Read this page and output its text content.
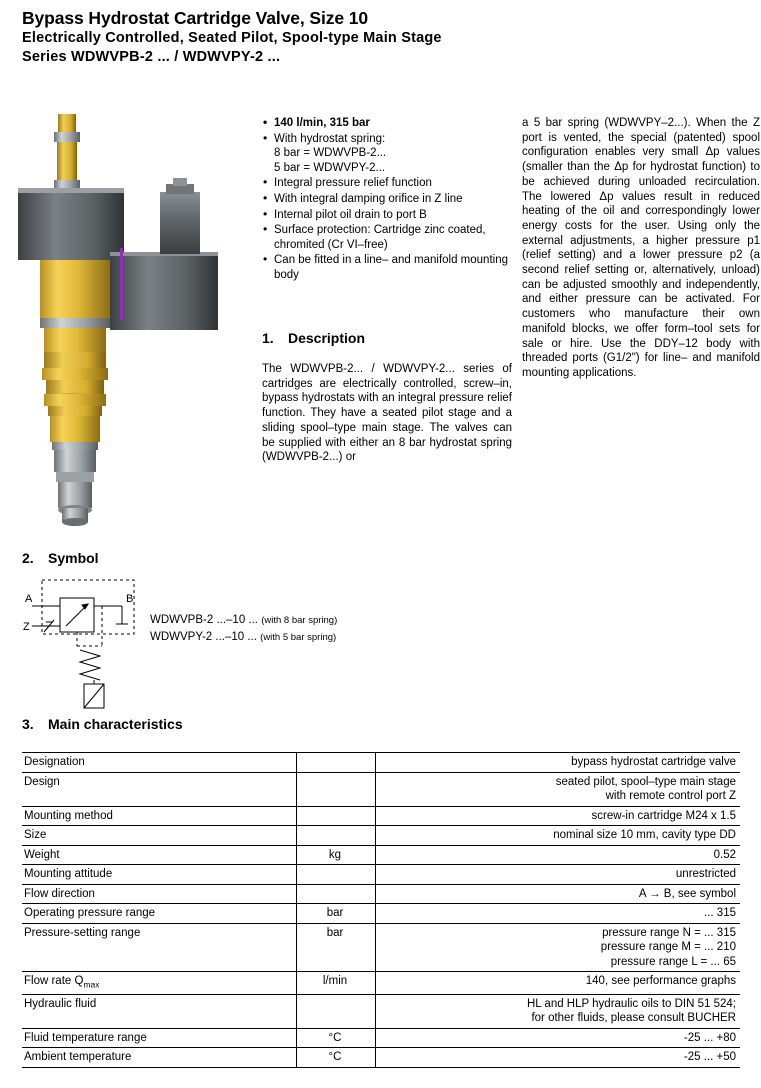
Bypass Hydrostat Cartridge Valve, Size 10
Electrically Controlled, Seated Pilot, Spool-type Main Stage
Series WDWVPB-2 ... / WDWVPY-2 ...
• 140 l/min, 315 bar
• With hydrostat spring:
8 bar = WDWVPB-2...
5 bar = WDWVPY-2...
• Integral pressure relief function
• With integral damping orifice in Z line
• Internal pilot oil drain to port B
• Surface protection: Cartridge zinc coated, chromited (Cr VI–free)
• Can be fitted in a line– and manifold mounting body
1. Description
The WDWVPB-2... / WDWVPY-2... series of cartridges are electrically controlled, screw–in, bypass hydrostats with an integral pressure relief function. They have a seated pilot stage and a sliding spool–type main stage. The valves can be supplied with either an 8 bar hydrostat spring (WDWVPB-2...) or
a 5 bar spring (WDWVPY–2...). When the Z port is vented, the special (patented) spool configuration enables very small Δp values (smaller than the Δp for hydrostat function) to be achieved during unloaded recirculation. The lowered Δp values result in reduced heating of the oil and correspondingly lower energy costs for the user. Using only the external adjustments, a higher pressure p1 (relief setting) and a lower pressure p2 (a second relief setting or, alternatively, unload) can be adjusted smoothly and independently, and either pressure can be activated. For customers who manufacture their own manifold blocks, we offer form–tool sets for sale or hire. Use the DDY–12 body with threaded ports (G1/2") for line– and manifold mounting applications.
2. Symbol
A	B
Z
WDWVPB-2 ...–10 ... (with 8 bar spring)
WDWVPY-2 ...–10 ... (with 5 bar spring)
3. Main characteristics
Designation		bypass hydrostat cartridge valve
Design		seated pilot, spool–type main stage
with remote control port Z
Mounting method		screw-in cartridge M24 x 1.5
Size		nominal size 10 mm, cavity type DD
Weight	kg	0.52
Mounting attitude		unrestricted
Flow direction		A → B, see symbol
Operating pressure range	bar	... 315
Pressure-setting range	bar	pressure range N = ... 315
pressure range M = ... 210
pressure range L = ... 65
Flow rate $Q_{max}$	l/min	140, see performance graphs
Hydraulic fluid		HL and HLP hydraulic oils to DIN 51 524;
for other fluids, please consult BUCHER
Fluid temperature range	°C	-25 ... +80
Ambient temperature	°C	-25 ... +50
